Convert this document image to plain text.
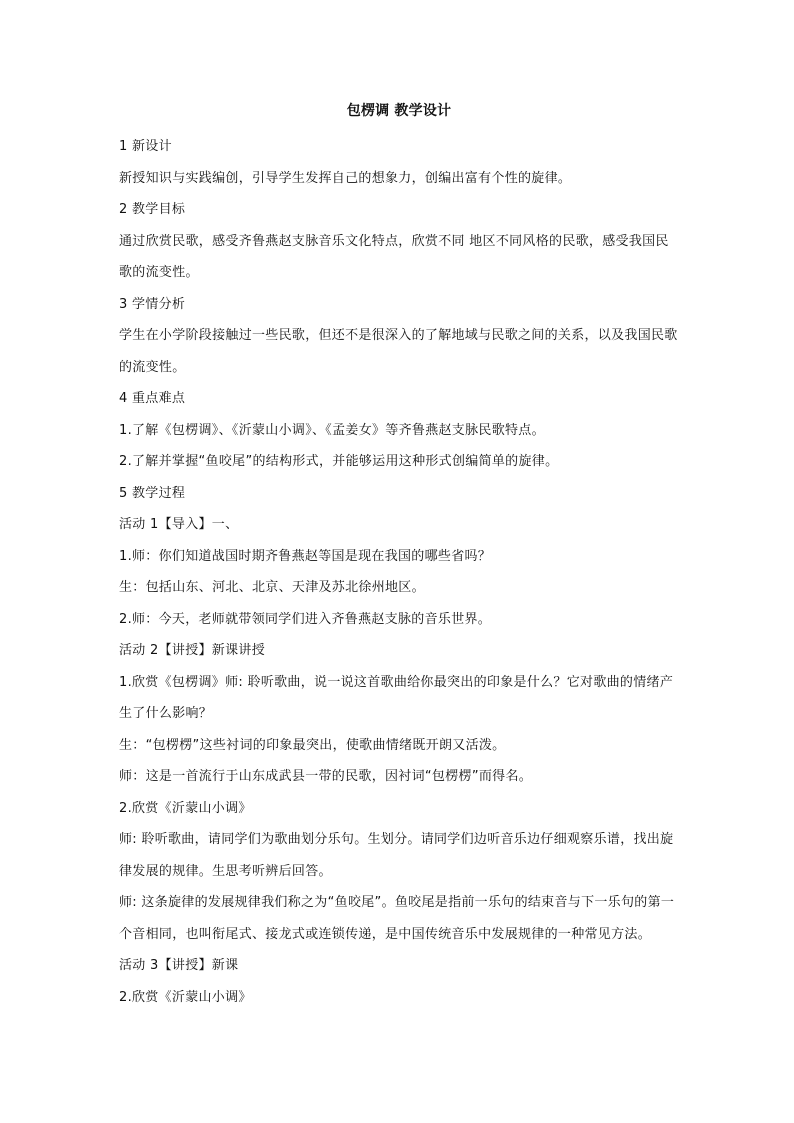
包楞调 教学设计

1 新设计

新授知识与实践编创，引导学生发挥自己的想象力，创编出富有个性的旋律。

2 教学目标

通过欣赏民歌，感受齐鲁燕赵支脉音乐文化特点，欣赏不同 地区不同风格的民歌，感受我国民歌的流变性。

3 学情分析

学生在小学阶段接触过一些民歌，但还不是很深入的了解地域与民歌之间的关系，以及我国民歌的流变性。

4 重点难点

1.了解《包楞调》、《沂蒙山小调》、《孟姜女》等齐鲁燕赵支脉民歌特点。

2.了解并掌握“鱼咬尾”的结构形式，并能够运用这种形式创编简单的旋律。

5 教学过程

活动 1【导入】一、

1.师：你们知道战国时期齐鲁燕赵等国是现在我国的哪些省吗？

生：包括山东、河北、北京、天津及苏北徐州地区。

2.师：今天，老师就带领同学们进入齐鲁燕赵支脉的音乐世界。

活动 2【讲授】新课讲授

1.欣赏《包楞调》师: 聆听歌曲，说一说这首歌曲给你最突出的印象是什么？它对歌曲的情绪产生了什么影响？

生：“包楞楞”这些衬词的印象最突出，使歌曲情绪既开朗又活泼。

师：这是一首流行于山东成武县一带的民歌，因衬词“包楞楞”而得名。

2.欣赏《沂蒙山小调》

师: 聆听歌曲，请同学们为歌曲划分乐句。生划分。请同学们边听音乐边仔细观察乐谱，找出旋律发展的规律。生思考听辨后回答。

师: 这条旋律的发展规律我们称之为“鱼咬尾”。鱼咬尾是指前一乐句的结束音与下一乐句的第一个音相同，也叫衔尾式、接龙式或连锁传递，是中国传统音乐中发展规律的一种常见方法。

活动 3【讲授】新课

2.欣赏《沂蒙山小调》
